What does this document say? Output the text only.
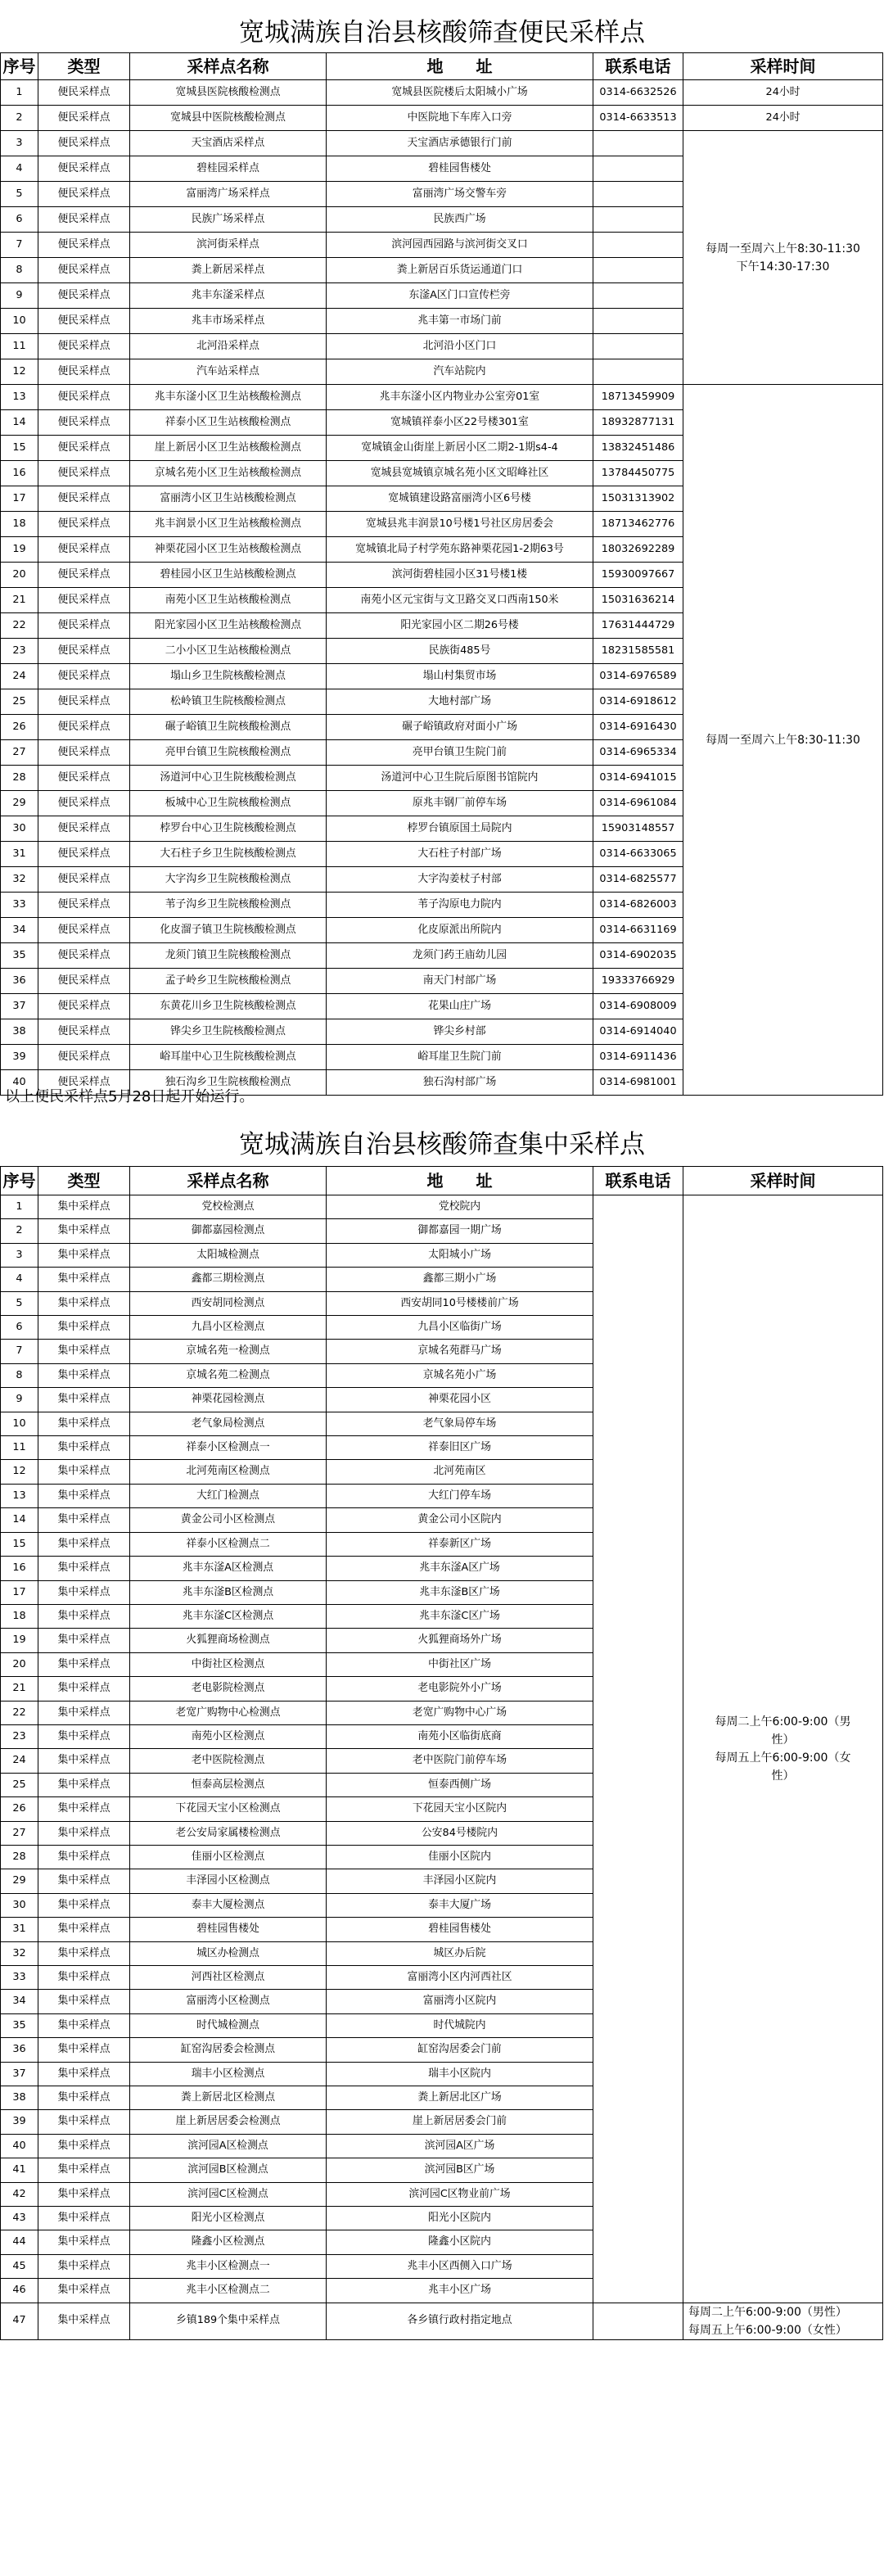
宽城满族自治县核酸筛查便民采样点
序号	类型	采样点名称	地　　址	联系电话	采样时间
1	便民采样点	宽城县医院核酸检测点	宽城县医院楼后太阳城小广场	0314-6632526	24小时
2	便民采样点	宽城县中医院核酸检测点	中医院地下车库入口旁	0314-6633513	24小时
3	便民采样点	天宝酒店采样点	天宝酒店承德银行门前		每周一至周六上午8:30-11:30
下午14:30-17:30

4	便民采样点	碧桂园采样点	碧桂园售楼处		
5	便民采样点	富丽湾广场采样点	富丽湾广场交警车旁		
6	便民采样点	民族广场采样点	民族西广场		
7	便民采样点	滨河街采样点	滨河园西园路与滨河街交叉口		
8	便民采样点	粪上新居采样点	粪上新居百乐货运通道门口		
9	便民采样点	兆丰东滏采样点	东滏A区门口宣传栏旁		
10	便民采样点	兆丰市场采样点	兆丰第一市场门前		
11	便民采样点	北河沿采样点	北河沿小区门口		
12	便民采样点	汽车站采样点	汽车站院内		
13	便民采样点	兆丰东滏小区卫生站核酸检测点	兆丰东滏小区内物业办公室旁01室	18713459909	每周一至周六上午8:30-11:30
14	便民采样点	祥泰小区卫生站核酸检测点	宽城镇祥泰小区22号楼301室	18932877131	
15	便民采样点	崖上新居小区卫生站核酸检测点	宽城镇金山街崖上新居小区二期2-1期s4-4	13832451486	
16	便民采样点	京城名苑小区卫生站核酸检测点	宽城县宽城镇京城名苑小区文昭峰社区	13784450775	
17	便民采样点	富丽湾小区卫生站核酸检测点	宽城镇建设路富丽湾小区6号楼	15031313902	
18	便民采样点	兆丰润景小区卫生站核酸检测点	宽城县兆丰润景10号楼1号社区房居委会	18713462776	
19	便民采样点	神栗花园小区卫生站核酸检测点	宽城镇北局子村学苑东路神栗花园1-2期63号	18032692289	
20	便民采样点	碧桂园小区卫生站核酸检测点	滨河街碧桂园小区31号楼1楼	15930097667	
21	便民采样点	南苑小区卫生站核酸检测点	南苑小区元宝街与文卫路交叉口西南150米	15031636214	
22	便民采样点	阳光家园小区卫生站核酸检测点	阳光家园小区二期26号楼	17631444729	
23	便民采样点	二小小区卫生站核酸检测点	民族街485号	18231585581	
24	便民采样点	塌山乡卫生院核酸检测点	塌山村集贸市场	0314-6976589	
25	便民采样点	松岭镇卫生院核酸检测点	大地村部广场	0314-6918612	
26	便民采样点	碾子峪镇卫生院核酸检测点	碾子峪镇政府对面小广场	0314-6916430	
27	便民采样点	亮甲台镇卫生院核酸检测点	亮甲台镇卫生院门前	0314-6965334	
28	便民采样点	汤道河中心卫生院核酸检测点	汤道河中心卫生院后原图书馆院内	0314-6941015	
29	便民采样点	板城中心卫生院核酸检测点	原兆丰钢厂前停车场	0314-6961084	
30	便民采样点	桲罗台中心卫生院核酸检测点	桲罗台镇原国土局院内	15903148557	
31	便民采样点	大石柱子乡卫生院核酸检测点	大石柱子村部广场	0314-6633065	
32	便民采样点	大字沟乡卫生院核酸检测点	大字沟姜杖子村部	0314-6825577	
33	便民采样点	苇子沟乡卫生院核酸检测点	苇子沟原电力院内	0314-6826003	
34	便民采样点	化皮溜子镇卫生院核酸检测点	化皮原派出所院内	0314-6631169	
35	便民采样点	龙须门镇卫生院核酸检测点	龙须门药王庙幼儿园	0314-6902035	
36	便民采样点	孟子岭乡卫生院核酸检测点	南天门村部广场	19333766929	
37	便民采样点	东黄花川乡卫生院核酸检测点	花果山庄广场	0314-6908009	
38	便民采样点	铧尖乡卫生院核酸检测点	铧尖乡村部	0314-6914040	
39	便民采样点	峪耳崖中心卫生院核酸检测点	峪耳崖卫生院门前	0314-6911436	
40	便民采样点	独石沟乡卫生院核酸检测点	独石沟村部广场	0314-6981001	
以上便民采样点5月28日起开始运行。
宽城满族自治县核酸筛查集中采样点
序号	类型	采样点名称	地　　址	联系电话	采样时间
1	集中采样点	党校检测点	党校院内		每周二上午6:00-9:00（男
性）
每周五上午6:00-9:00（女
性）

2	集中采样点	御都嘉园检测点	御都嘉园一期广场		
3	集中采样点	太阳城检测点	太阳城小广场		
4	集中采样点	鑫都三期检测点	鑫都三期小广场		
5	集中采样点	西安胡同检测点	西安胡同10号楼楼前广场		
6	集中采样点	九昌小区检测点	九昌小区临街广场		
7	集中采样点	京城名苑一检测点	京城名苑群马广场		
8	集中采样点	京城名苑二检测点	京城名苑小广场		
9	集中采样点	神栗花园检测点	神栗花园小区		
10	集中采样点	老气象局检测点	老气象局停车场		
11	集中采样点	祥泰小区检测点一	祥泰旧区广场		
12	集中采样点	北河苑南区检测点	北河苑南区		
13	集中采样点	大红门检测点	大红门停车场		
14	集中采样点	黄金公司小区检测点	黄金公司小区院内		
15	集中采样点	祥泰小区检测点二	祥泰新区广场		
16	集中采样点	兆丰东滏A区检测点	兆丰东滏A区广场		
17	集中采样点	兆丰东滏B区检测点	兆丰东滏B区广场		
18	集中采样点	兆丰东滏C区检测点	兆丰东滏C区广场		
19	集中采样点	火狐狸商场检测点	火狐狸商场外广场		
20	集中采样点	中街社区检测点	中街社区广场		
21	集中采样点	老电影院检测点	老电影院外小广场		
22	集中采样点	老宽广购物中心检测点	老宽广购物中心广场		
23	集中采样点	南苑小区检测点	南苑小区临街底商		
24	集中采样点	老中医院检测点	老中医院门前停车场		
25	集中采样点	恒泰高层检测点	恒泰西侧广场		
26	集中采样点	下花园天宝小区检测点	下花园天宝小区院内		
27	集中采样点	老公安局家属楼检测点	公安84号楼院内		
28	集中采样点	佳丽小区检测点	佳丽小区院内		
29	集中采样点	丰泽园小区检测点	丰泽园小区院内		
30	集中采样点	泰丰大厦检测点	泰丰大厦广场		
31	集中采样点	碧桂园售楼处	碧桂园售楼处		
32	集中采样点	城区办检测点	城区办后院		
33	集中采样点	河西社区检测点	富丽湾小区内河西社区		
34	集中采样点	富丽湾小区检测点	富丽湾小区院内		
35	集中采样点	时代城检测点	时代城院内		
36	集中采样点	缸窑沟居委会检测点	缸窑沟居委会门前		
37	集中采样点	瑞丰小区检测点	瑞丰小区院内		
38	集中采样点	粪上新居北区检测点	粪上新居北区广场		
39	集中采样点	崖上新居居委会检测点	崖上新居居委会门前		
40	集中采样点	滨河园A区检测点	滨河园A区广场		
41	集中采样点	滨河园B区检测点	滨河园B区广场		
42	集中采样点	滨河园C区检测点	滨河园C区物业前广场		
43	集中采样点	阳光小区检测点	阳光小区院内		
44	集中采样点	隆鑫小区检测点	隆鑫小区院内		
45	集中采样点	兆丰小区检测点一	兆丰小区西侧入口广场		
46	集中采样点	兆丰小区检测点二	兆丰小区广场		
47	集中采样点	乡镇189个集中采样点	各乡镇行政村指定地点		每周二上午6:00-9:00（男性）
每周五上午6:00-9:00（女性）
